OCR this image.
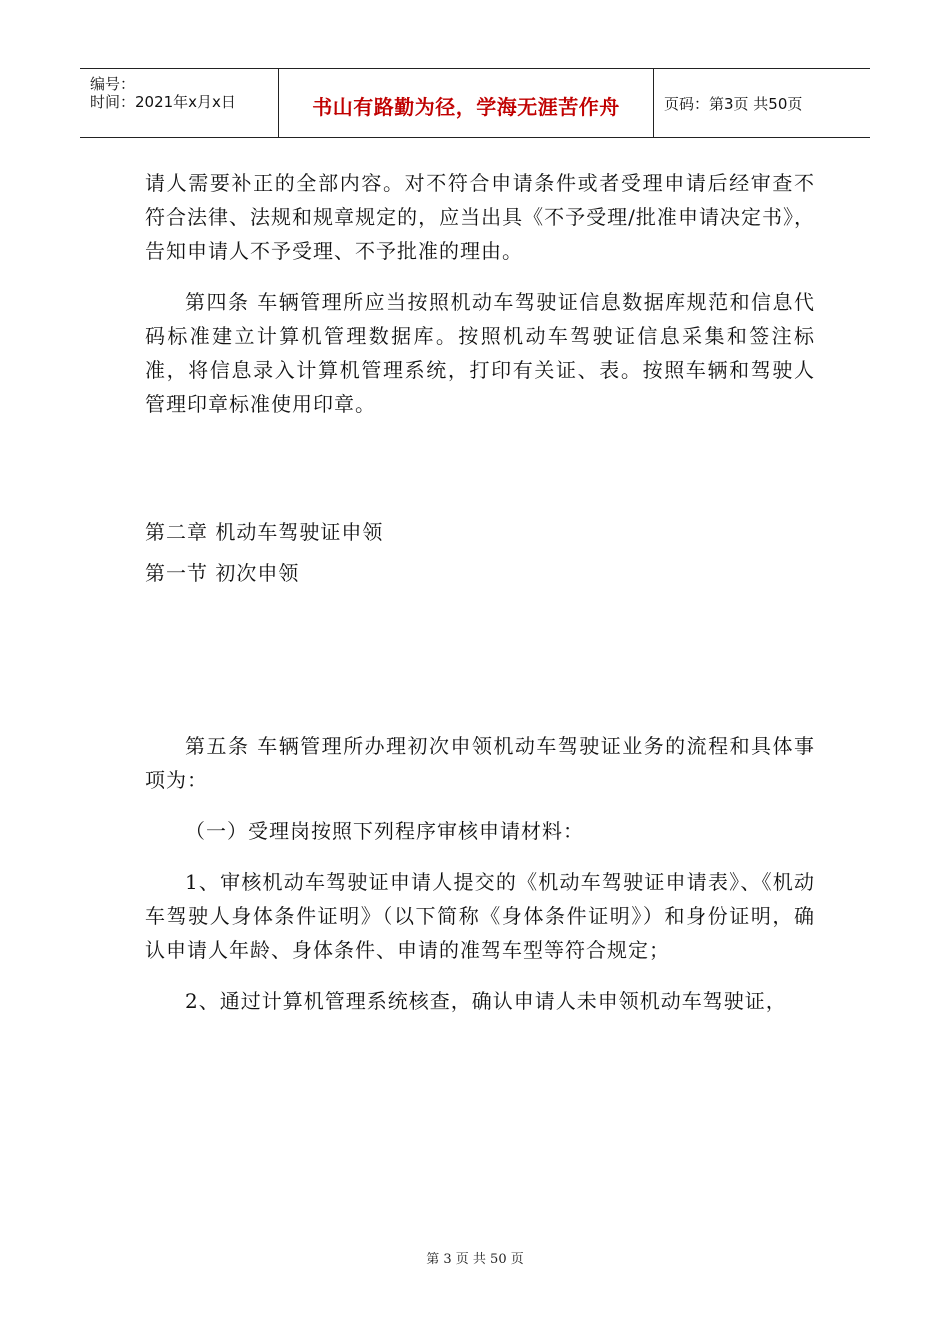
编号：
时间：2021年x月x日	书山有路勤为径，学海无涯苦作舟	页码：第3页 共50页

请人需要补正的全部内容。对不符合申请条件或者受理申请后经审查不符合法律、法规和规章规定的，应当出具《不予受理/批准申请决定书》，告知申请人不予受理、不予批准的理由。

第四条 车辆管理所应当按照机动车驾驶证信息数据库规范和信息代码标准建立计算机管理数据库。按照机动车驾驶证信息采集和签注标准，将信息录入计算机管理系统，打印有关证、表。按照车辆和驾驶人管理印章标准使用印章。

第二章 机动车驾驶证申领
第一节 初次申领

第五条 车辆管理所办理初次申领机动车驾驶证业务的流程和具体事项为：

（一）受理岗按照下列程序审核申请材料：

1、审核机动车驾驶证申请人提交的《机动车驾驶证申请表》、《机动车驾驶人身体条件证明》（以下简称《身体条件证明》）和身份证明，确认申请人年龄、身体条件、申请的准驾车型等符合规定；

2、通过计算机管理系统核查，确认申请人未申领机动车驾驶证，

第 3 页 共 50 页
